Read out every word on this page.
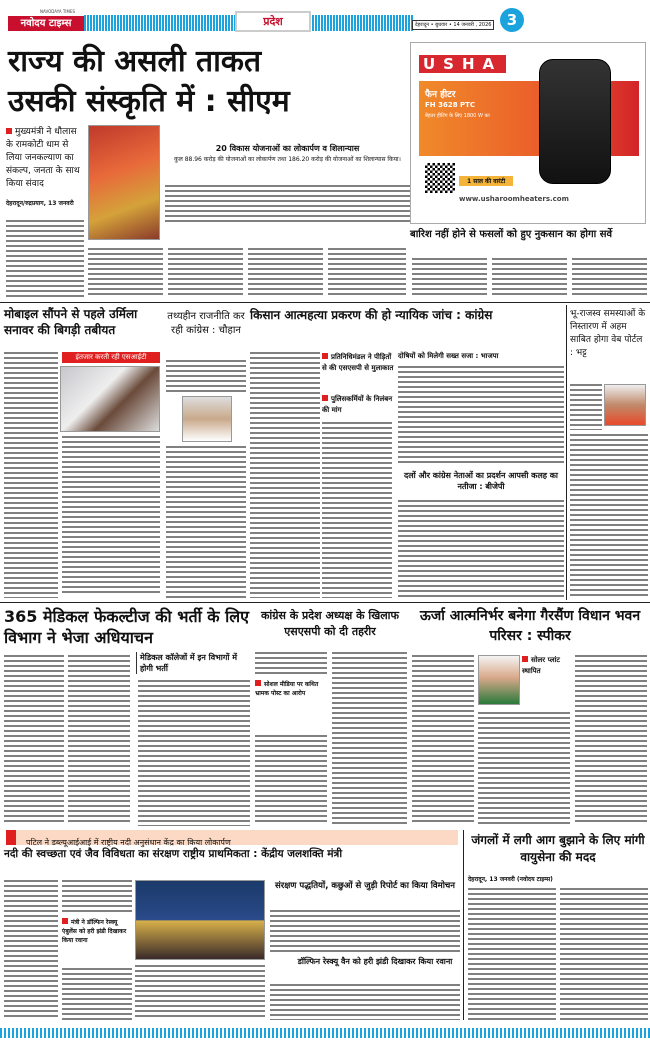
NAVODAYA TIMES
नवोदय टाइम्स	प्रदेश	देहरादून • बुधवार • 14 जनवरी , 2026	3
राज्य की असली ताकत उसकी संस्कृति में : सीएम
मुख्यमंत्री ने धौलास के रामकोटी धाम से लिया जनकल्याण का संकल्प, जनता के साथ किया संवाद
देहरादून/रुद्रप्रयाग, 13 जनवरी
20 विकास योजनाओं का लोकार्पण व शिलान्यास
कुल 88.96 करोड़ की योजनाओं का लोकार्पण तथा 186.20 करोड़ की योजनाओं का शिलान्यास किया।
USHA
फैन हीटर
FH 3628 PTC
बेहतर हीटिंग के लिए 1800 W का
1 साल की वारंटी
www.usharoomheaters.com
बारिश नहीं होने से फसलों को हुए नुकसान का होगा सर्वे
मोबाइल सौंपने से पहले उर्मिला सनावर की बिगड़ी तबीयत
इंतजार करती रही एसआईटी
तथ्यहीन राजनीति कर रही कांग्रेस : चौहान
किसान आत्महत्या प्रकरण की हो न्यायिक जांच : कांग्रेस
प्रतिनिधिमंडल ने पीड़ितों से की एसएसपी से मुलाकात
पुलिसकर्मियों के निलंबन की मांग
दोषियों को मिलेगी सख्त सजा : भाजपा
दलों और कांग्रेस नेताओं का प्रदर्शन आपसी कलह का नतीजा : बीजेपी
भू-राजस्व समस्याओं के निस्तारण में अहम साबित होगा वेब पोर्टल : भट्ट
365 मेडिकल फेकल्टीज की भर्ती के लिए विभाग ने भेजा अधियाचन
मेडिकल कॉलेजों में इन विभागों में होगी भर्ती
कांग्रेस के प्रदेश अध्यक्ष के खिलाफ एसएसपी को दी तहरीर
सोशल मीडिया पर कथित भ्रामक पोस्ट का आरोप
ऊर्जा आत्मनिर्भर बनेगा गैरसैंण विधान भवन परिसर : स्पीकर
सोलर प्लांट स्थापित
पटिल ने डब्ल्यूआईआई में राष्ट्रीय नदी अनुसंधान केंद्र का किया लोकार्पण
नदी की स्वच्छता एवं जैव विविधता का संरक्षण राष्ट्रीय प्राथमिकता : केंद्रीय जलशक्ति मंत्री
मंत्री ने डॉल्फिन रेस्क्यू एंबुलेंस को हरी झंडी दिखाकर किया रवाना
संरक्षण पद्धतियों, कछुओं से जुड़ी रिपोर्ट का किया विमोचन
डॉल्फिन रेस्क्यू वैन को हरी झंडी दिखाकर किया रवाना
जंगलों में लगी आग बुझाने के लिए मांगी वायुसेना की मदद
देहरादून, 13 जनवरी (नवोदय टाइम्स)
